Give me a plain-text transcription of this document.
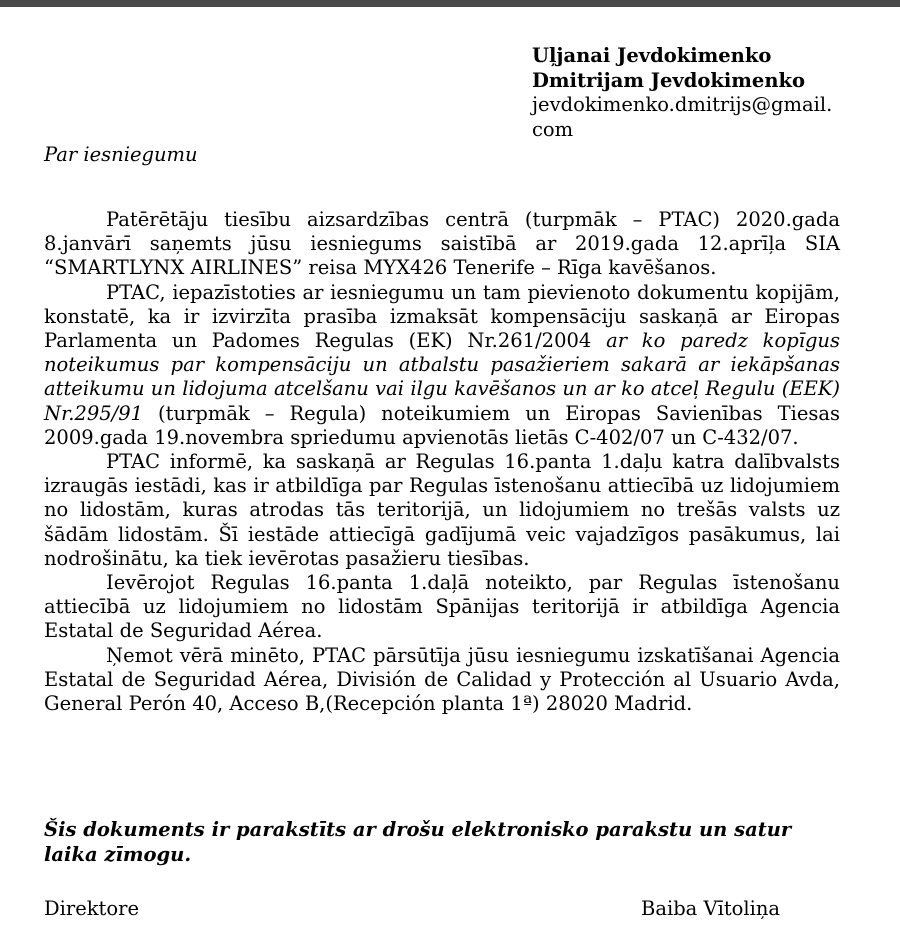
Uļjanai Jevdokimenko
Dmitrijam Jevdokimenko
jevdokimenko.dmitrijs@gmail.com
Par iesniegumu

Patērētāju tiesību aizsardzības centrā (turpmāk – PTAC) 2020.gada 8.janvārī saņemts jūsu iesniegums saistībā ar 2019.gada 12.aprīļa SIA “SMARTLYNX AIRLINES” reisa MYX426 Tenerife – Rīga kavēšanos.

PTAC, iepazīstoties ar iesniegumu un tam pievienoto dokumentu kopijām, konstatē, ka ir izvirzīta prasība izmaksāt kompensāciju saskaņā ar Eiropas Parlamenta un Padomes Regulas (EK) Nr.261/2004 ar ko paredz kopīgus noteikumus par kompensāciju un atbalstu pasažieriem sakarā ar iekāpšanas atteikumu un lidojuma atcelšanu vai ilgu kavēšanos un ar ko atceļ Regulu (EEK) Nr.295/91 (turpmāk – Regula) noteikumiem un Eiropas Savienības Tiesas 2009.gada 19.novembra spriedumu apvienotās lietās C-402/07 un C-432/07.

PTAC informē, ka saskaņā ar Regulas 16.panta 1.daļu katra dalībvalsts izraugās iestādi, kas ir atbildīga par Regulas īstenošanu attiecībā uz lidojumiem no lidostām, kuras atrodas tās teritorijā, un lidojumiem no trešās valsts uz šādām lidostām. Šī iestāde attiecīgā gadījumā veic vajadzīgos pasākumus, lai nodrošinātu, ka tiek ievērotas pasažieru tiesības.

Ievērojot Regulas 16.panta 1.daļā noteikto, par Regulas īstenošanu attiecībā uz lidojumiem no lidostām Spānijas teritorijā ir atbildīga Agencia Estatal de Seguridad Aérea.

Ņemot vērā minēto, PTAC pārsūtīja jūsu iesniegumu izskatīšanai Agencia Estatal de Seguridad Aérea, División de Calidad y Protección al Usuario Avda, General Perón 40, Acceso B,(Recepción planta 1ª) 28020 Madrid.

Šis dokuments ir parakstīts ar drošu elektronisko parakstu un satur laika zīmogu.
Direktore	Baiba Vītoliņa
